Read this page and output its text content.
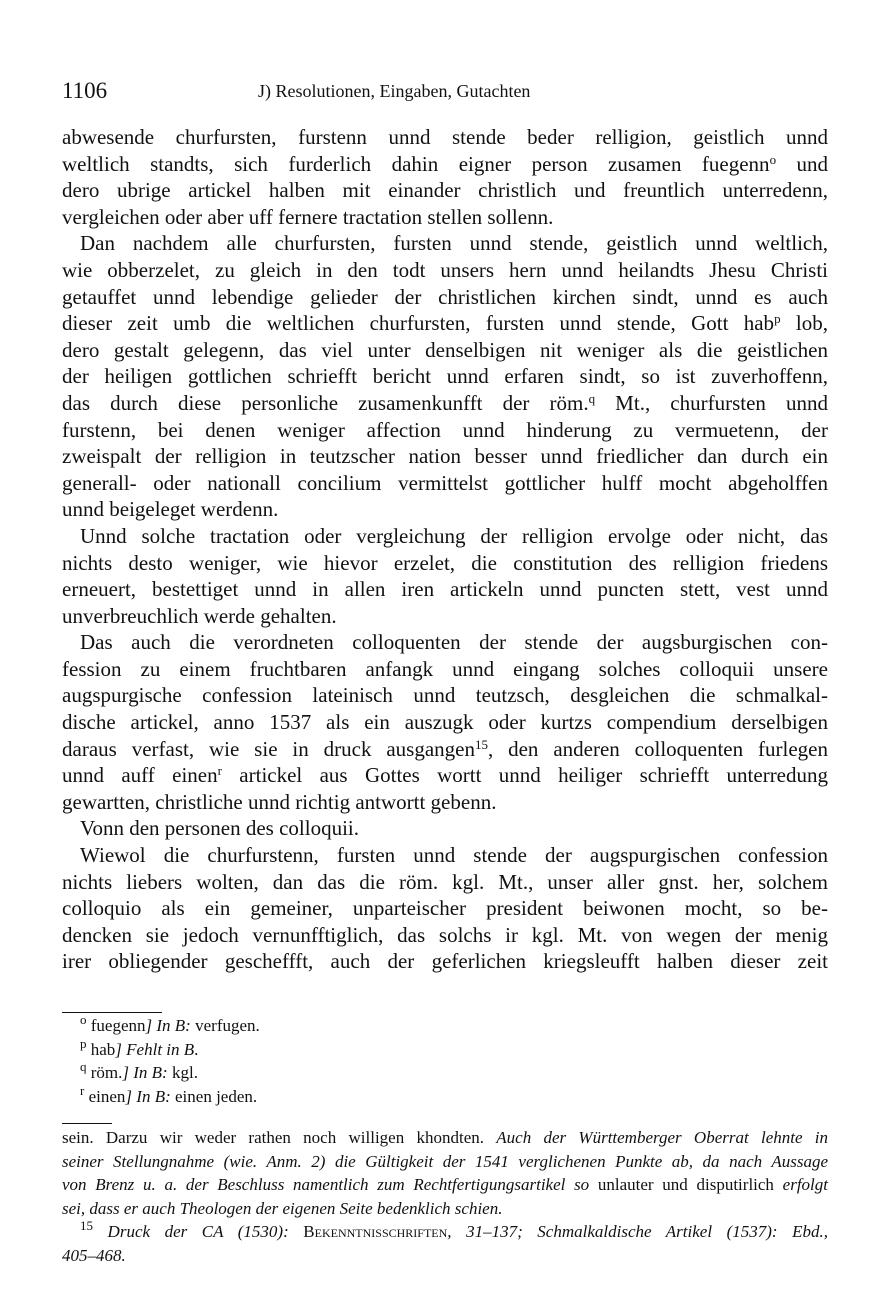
1106	J) Resolutionen, Eingaben, Gutachten
abwesende churfursten, furstenn unnd stende beder relligion, geistlich unnd
weltlich standts, sich furderlich dahin eigner person zusamen fuegenn$^o$ und
dero ubrige artickel halben mit einander christlich und freuntlich unterredenn,
vergleichen oder aber uff fernere tractation stellen sollenn.
Dan nachdem alle churfursten, fursten unnd stende, geistlich unnd weltlich,
wie obberzelet, zu gleich in den todt unsers hern unnd heilandts Jhesu Christi
getauffet unnd lebendige gelieder der christlichen kirchen sindt, unnd es auch
dieser zeit umb die weltlichen churfursten, fursten unnd stende, Gott hab$^p$ lob,
dero gestalt gelegenn, das viel unter denselbigen nit weniger als die geistlichen
der heiligen gottlichen schriefft bericht unnd erfaren sindt, so ist zuverhoffenn,
das durch diese personliche zusamenkunfft der röm.$^q$ Mt., churfursten unnd
furstenn, bei denen weniger affection unnd hinderung zu vermuetenn, der
zweispalt der relligion in teutzscher nation besser unnd friedlicher dan durch ein
generall- oder nationall concilium vermittelst gottlicher hulff mocht abgeholffen
unnd beigeleget werdenn.
Unnd solche tractation oder vergleichung der relligion ervolge oder nicht, das
nichts desto weniger, wie hievor erzelet, die constitution des relligion friedens
erneuert, bestettiget unnd in allen iren artickeln unnd puncten stett, vest unnd
unverbreuchlich werde gehalten.
Das auch die verordneten colloquenten der stende der augsburgischen con-
fession zu einem fruchtbaren anfangk unnd eingang solches colloquii unsere
augspurgische confession lateinisch unnd teutzsch, desgleichen die schmalkal-
dische artickel, anno 1537 als ein auszugk oder kurtzs compendium derselbigen
daraus verfast, wie sie in druck ausgangen$^{15}$, den anderen colloquenten furlegen
unnd auff einen$^r$ artickel aus Gottes wortt unnd heiliger schriefft unterredung
gewartten, christliche unnd richtig antwortt gebenn.
Vonn den personen des colloquii.
Wiewol die churfurstenn, fursten unnd stende der augspurgischen confession
nichts liebers wolten, dan das die röm. kgl. Mt., unser aller gnst. her, solchem
colloquio als ein gemeiner, unparteischer president beiwonen mocht, so be-
dencken sie jedoch vernunfftiglich, das solchs ir kgl. Mt. von wegen der menig
irer obliegender gescheffft, auch der geferlichen kriegsleufft halben dieser zeit
$^o$ fuegenn] In B: verfugen.
$^p$ hab] Fehlt in B.
$^q$ röm.] In B: kgl.
$^r$ einen] In B: einen jeden.
sein. Darzu wir weder rathen noch willigen khondten. Auch der Württemberger Oberrat lehnte in
seiner Stellungnahme (wie. Anm. 2) die Gültigkeit der 1541 verglichenen Punkte ab, da nach Aussage
von Brenz u. a. der Beschluss namentlich zum Rechtfertigungsartikel so unlauter und disputirlich erfolgt
sei, dass er auch Theologen der eigenen Seite bedenklich schien.
$^{15}$ Druck der CA (1530): Bekenntnisschriften, 31–137; Schmalkaldische Artikel (1537): Ebd.,
405–468.
